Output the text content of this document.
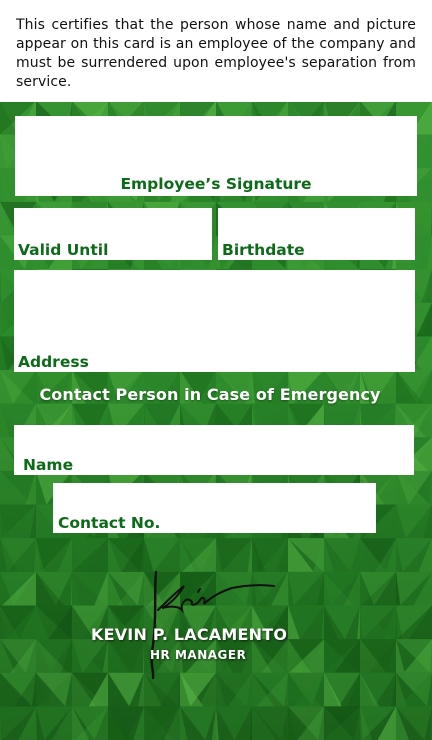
This certifies that the person whose name and picture appear on this card is an employee of the company and must be surrendered upon employee's separation from service.
Employee’s Signature
Valid Until	Birthdate
Address
Contact Person in Case of Emergency
Name
Contact No.
KEVIN P. LACAMENTO
HR MANAGER
